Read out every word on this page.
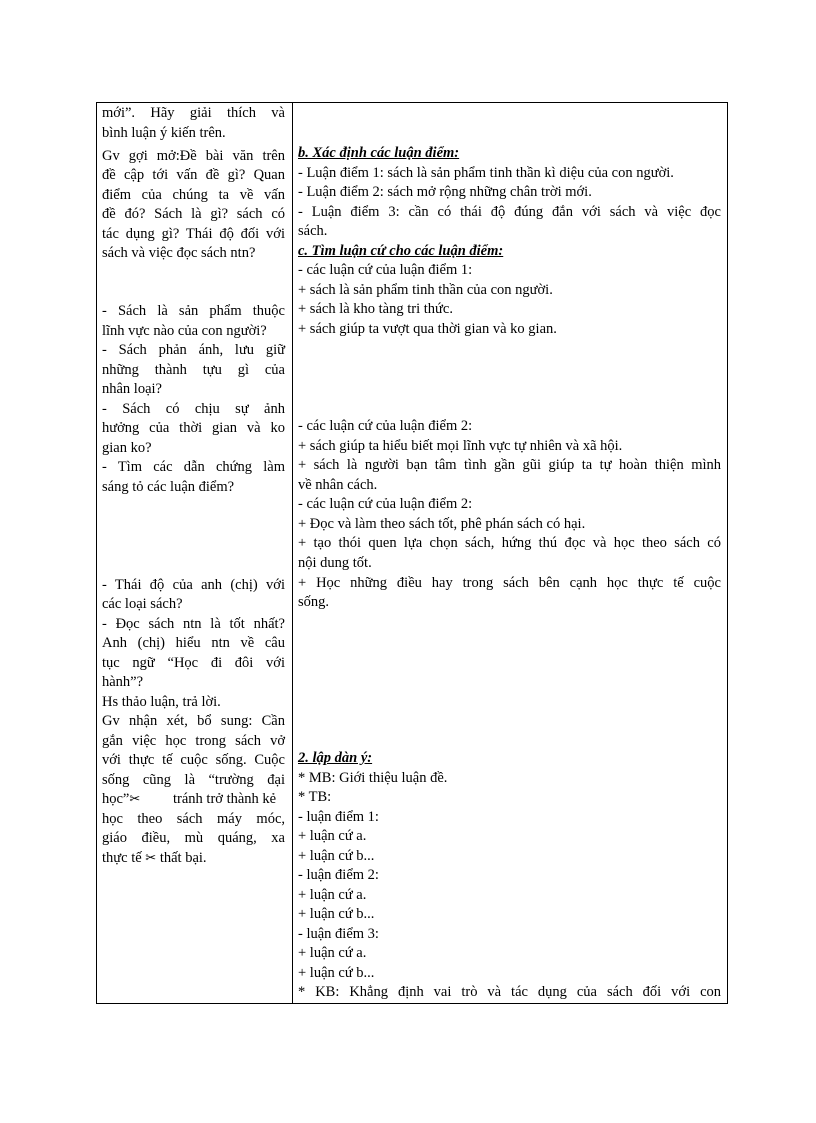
mới”. Hãy giải thích và
bình luận ý kiến trên.
Gv gợi mở:Đề bài văn trên
đề cập tới vấn đề gì? Quan
điểm của chúng ta về vấn
đề đó? Sách là gì? sách có
tác dụng gì? Thái độ đối với
sách và việc đọc sách ntn?
- Sách là sản phẩm thuộc
lĩnh vực nào của con người?
- Sách phản ánh, lưu giữ
những thành tựu gì của
nhân loại?
- Sách có chịu sự ảnh
hưởng của thời gian và ko
gian ko?
- Tìm các dẫn chứng làm
sáng tỏ các luận điểm?
- Thái độ của anh (chị) với
các loại sách?
- Đọc sách ntn là tốt nhất?
Anh (chị) hiểu ntn về câu
tục ngữ “Học đi đôi với
hành”?
Hs thảo luận, trả lời.
Gv nhận xét, bổ sung: Cần
gắn việc học trong sách vở
với thực tế cuộc sống. Cuộc
sống cũng là “trường đại
học”✂ tránh trở thành kẻ
học theo sách máy móc,
giáo điều, mù quáng, xa
thực tế ✂ thất bại.
b. Xác định các luận điểm:
- Luận điểm 1: sách là sản phẩm tinh thần kì diệu của con người.
- Luận điểm 2: sách mở rộng những chân trời mới.
- Luận điểm 3: cần có thái độ đúng đắn với sách và việc đọc
sách.
c. Tìm luận cứ cho các luận điểm:
- các luận cứ của luận điểm 1:
+ sách là sản phẩm tinh thần của con người.
+ sách là kho tàng tri thức.
+ sách giúp ta vượt qua thời gian và ko gian.
- các luận cứ của luận điểm 2:
+ sách giúp ta hiểu biết mọi lĩnh vực tự nhiên và xã hội.
+ sách là người bạn tâm tình gần gũi giúp ta tự hoàn thiện mình
về nhân cách.
- các luận cứ của luận điểm 2:
+ Đọc và làm theo sách tốt, phê phán sách có hại.
+ tạo thói quen lựa chọn sách, hứng thú đọc và học theo sách có
nội dung tốt.
+ Học những điều hay trong sách bên cạnh học thực tế cuộc
sống.
2. lập dàn ý:
* MB: Giới thiệu luận đề.
* TB:
- luận điểm 1:
+ luận cứ a.
+ luận cứ b...
- luận điểm 2:
+ luận cứ a.
+ luận cứ b...
- luận điểm 3:
+ luận cứ a.
+ luận cứ b...
* KB: Khẳng định vai trò và tác dụng của sách đối với con
